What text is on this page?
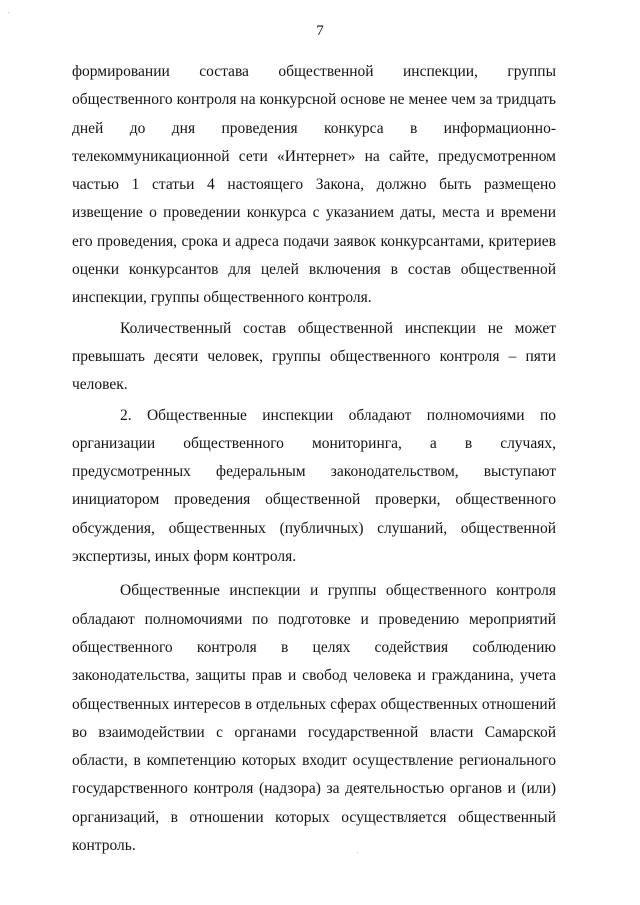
7

формировании состава общественной инспекции, группы общественного контроля на конкурсной основе не менее чем за тридцать дней до дня проведения конкурса в информационно-телекоммуникационной сети «Интернет» на сайте, предусмотренном частью 1 статьи 4 настоящего Закона, должно быть размещено извещение о проведении конкурса с указанием даты, места и времени его проведения, срока и адреса подачи заявок конкурсантами, критериев оценки конкурсантов для целей включения в состав общественной инспекции, группы общественного контроля.

Количественный состав общественной инспекции не может превышать десяти человек, группы общественного контроля – пяти человек.

2. Общественные инспекции обладают полномочиями по организации общественного мониторинга, а в случаях, предусмотренных федеральным законодательством, выступают инициатором проведения общественной проверки, общественного обсуждения, общественных (публичных) слушаний, общественной экспертизы, иных форм контроля.

Общественные инспекции и группы общественного контроля обладают полномочиями по подготовке и проведению мероприятий общественного контроля в целях содействия соблюдению законодательства, защиты прав и свобод человека и гражданина, учета общественных интересов в отдельных сферах общественных отношений во взаимодействии с органами государственной власти Самарской области, в компетенцию которых входит осуществление регионального государственного контроля (надзора) за деятельностью органов и (или) организаций, в отношении которых осуществляется общественный контроль.
